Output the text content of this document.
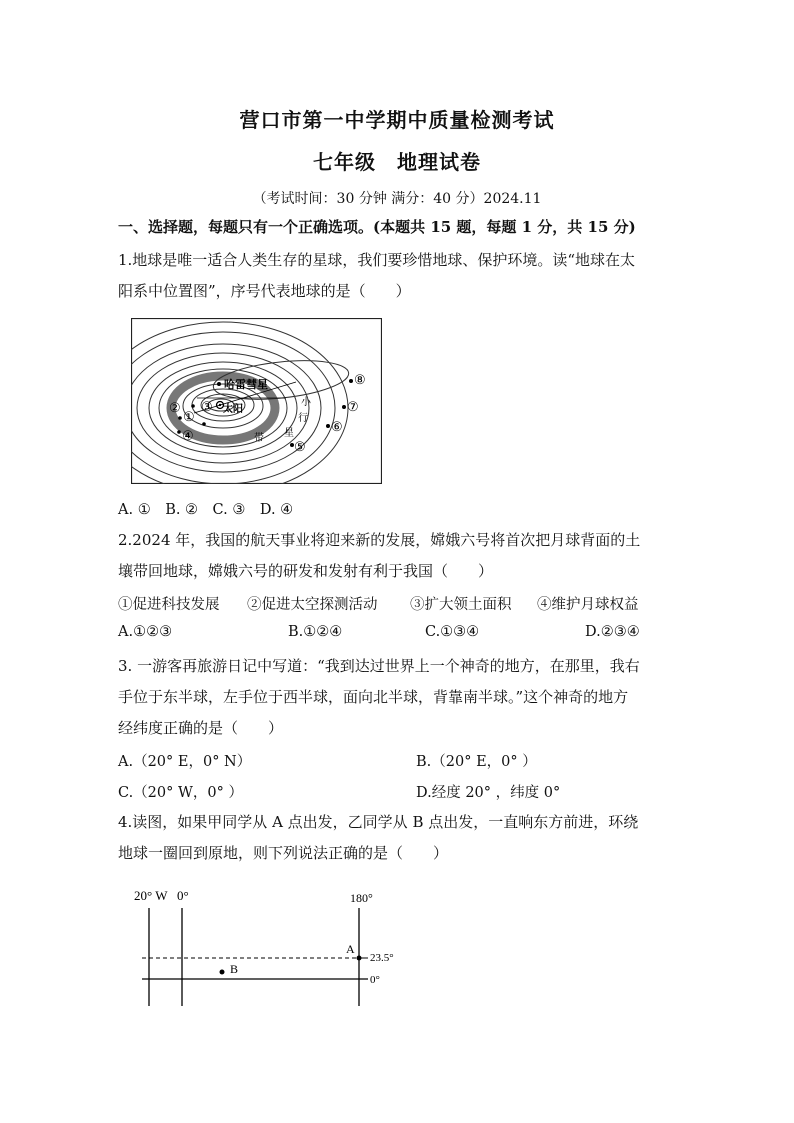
营口市第一中学期中质量检测考试
七年级　地理试卷
（考试时间：30 分钟 满分：40 分）2024.11
一、选择题，每题只有一个正确选项。(本题共 15 题，每题 1 分，共 15 分)
1.地球是唯一适合人类生存的星球，我们要珍惜地球、保护环境。读“地球在太
阳系中位置图”，序号代表地球的是（　　）
哈雷彗星
太阳
①
② ③
④
⑤
⑥
⑦
⑧
小
行
星
带
A. ①　B. ②　C. ③　D. ④
2.2024 年，我国的航天事业将迎来新的发展，嫦娥六号将首次把月球背面的土
壤带回地球，嫦娥六号的研发和发射有利于我国（　　）
①促进科技发展 ②促进太空探测活动 ③扩大领土面积 ④维护月球权益
A.①②③	B.①②④	C.①③④	D.②③④
3. 一游客再旅游日记中写道：“我到达过世界上一个神奇的地方，在那里，我右
手位于东半球，左手位于西半球，面向北半球，背靠南半球。”这个神奇的地方
经纬度正确的是（　　）
A.（20° E，0° N）	B.（20° E，0° ）
C.（20° W，0° ）	D.经度 20° ，纬度 0°
4.读图，如果甲同学从 A 点出发，乙同学从 B 点出发，一直响东方前进，环绕
地球一圈回到原地，则下列说法正确的是（　　）
20° W 0°	180°
A
B
23.5°
0°
